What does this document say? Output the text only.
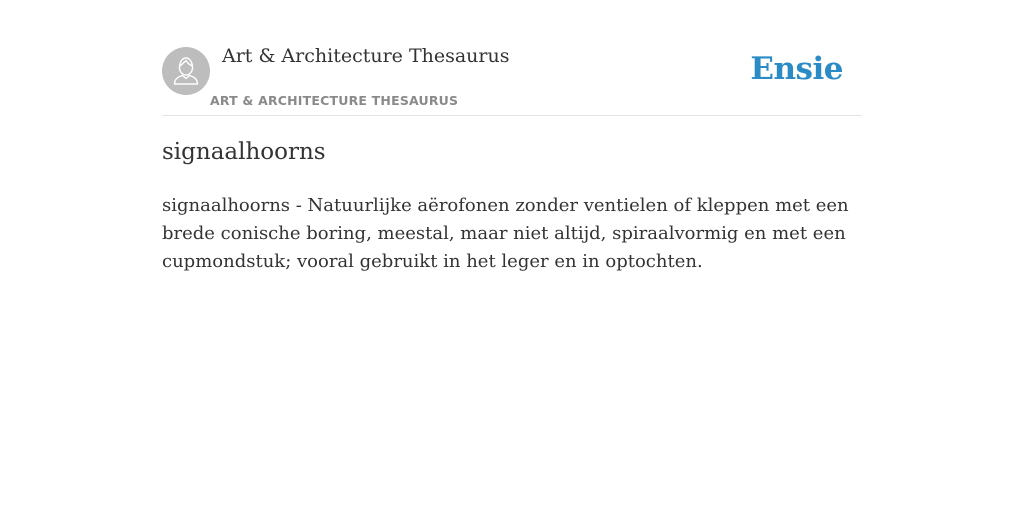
Art & Architecture Thesaurus
ART & ARCHITECTURE THESAURUS
Ensie
signaalhoorns

signaalhoorns - Natuurlijke aërofonen zonder ventielen of kleppen met een brede conische boring, meestal, maar niet altijd, spiraalvormig en met een cupmondstuk; vooral gebruikt in het leger en in optochten.
